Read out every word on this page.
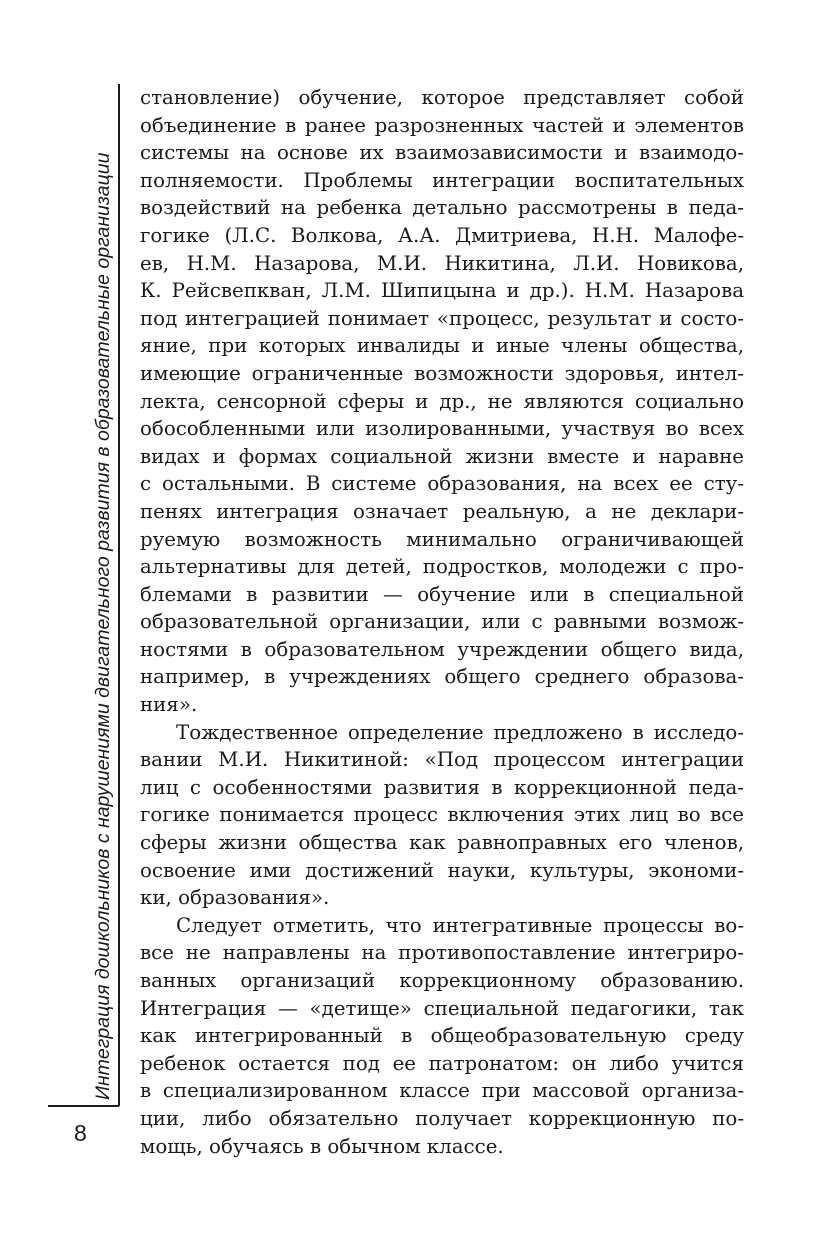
Интеграция дошкольников с нарушениями двигательного развития в образовательные организации
8
становление) обучение, которое представляет собой
объединение в ранее разрозненных частей и элементов
системы на основе их взаимозависимости и взаимодо-
полняемости. Проблемы интеграции воспитательных
воздействий на ребенка детально рассмотрены в педа-
гогике (Л.С. Волкова, А.А. Дмитриева, Н.Н. Малофе-
ев, Н.М. Назарова, М.И. Никитина, Л.И. Новикова,
К. Рейсвепкван, Л.М. Шипицына и др.). Н.М. Назарова
под интеграцией понимает «процесс, результат и состо-
яние, при которых инвалиды и иные члены общества,
имеющие ограниченные возможности здоровья, интел-
лекта, сенсорной сферы и др., не являются социально
обособленными или изолированными, участвуя во всех
видах и формах социальной жизни вместе и наравне
с остальными. В системе образования, на всех ее сту-
пенях интеграция означает реальную, а не деклари-
руемую возможность минимально ограничивающей
альтернативы для детей, подростков, молодежи с про-
блемами в развитии — обучение или в специальной
образовательной организации, или с равными возмож-
ностями в образовательном учреждении общего вида,
например, в учреждениях общего среднего образова-
ния».
Тождественное определение предложено в исследо-
вании М.И. Никитиной: «Под процессом интеграции
лиц с особенностями развития в коррекционной педа-
гогике понимается процесс включения этих лиц во все
сферы жизни общества как равноправных его членов,
освоение ими достижений науки, культуры, экономи-
ки, образования».
Следует отметить, что интегративные процессы во-
все не направлены на противопоставление интегриро-
ванных организаций коррекционному образованию.
Интеграция — «детище» специальной педагогики, так
как интегрированный в общеобразовательную среду
ребенок остается под ее патронатом: он либо учится
в специализированном классе при массовой организа-
ции, либо обязательно получает коррекционную по-
мощь, обучаясь в обычном классе.
